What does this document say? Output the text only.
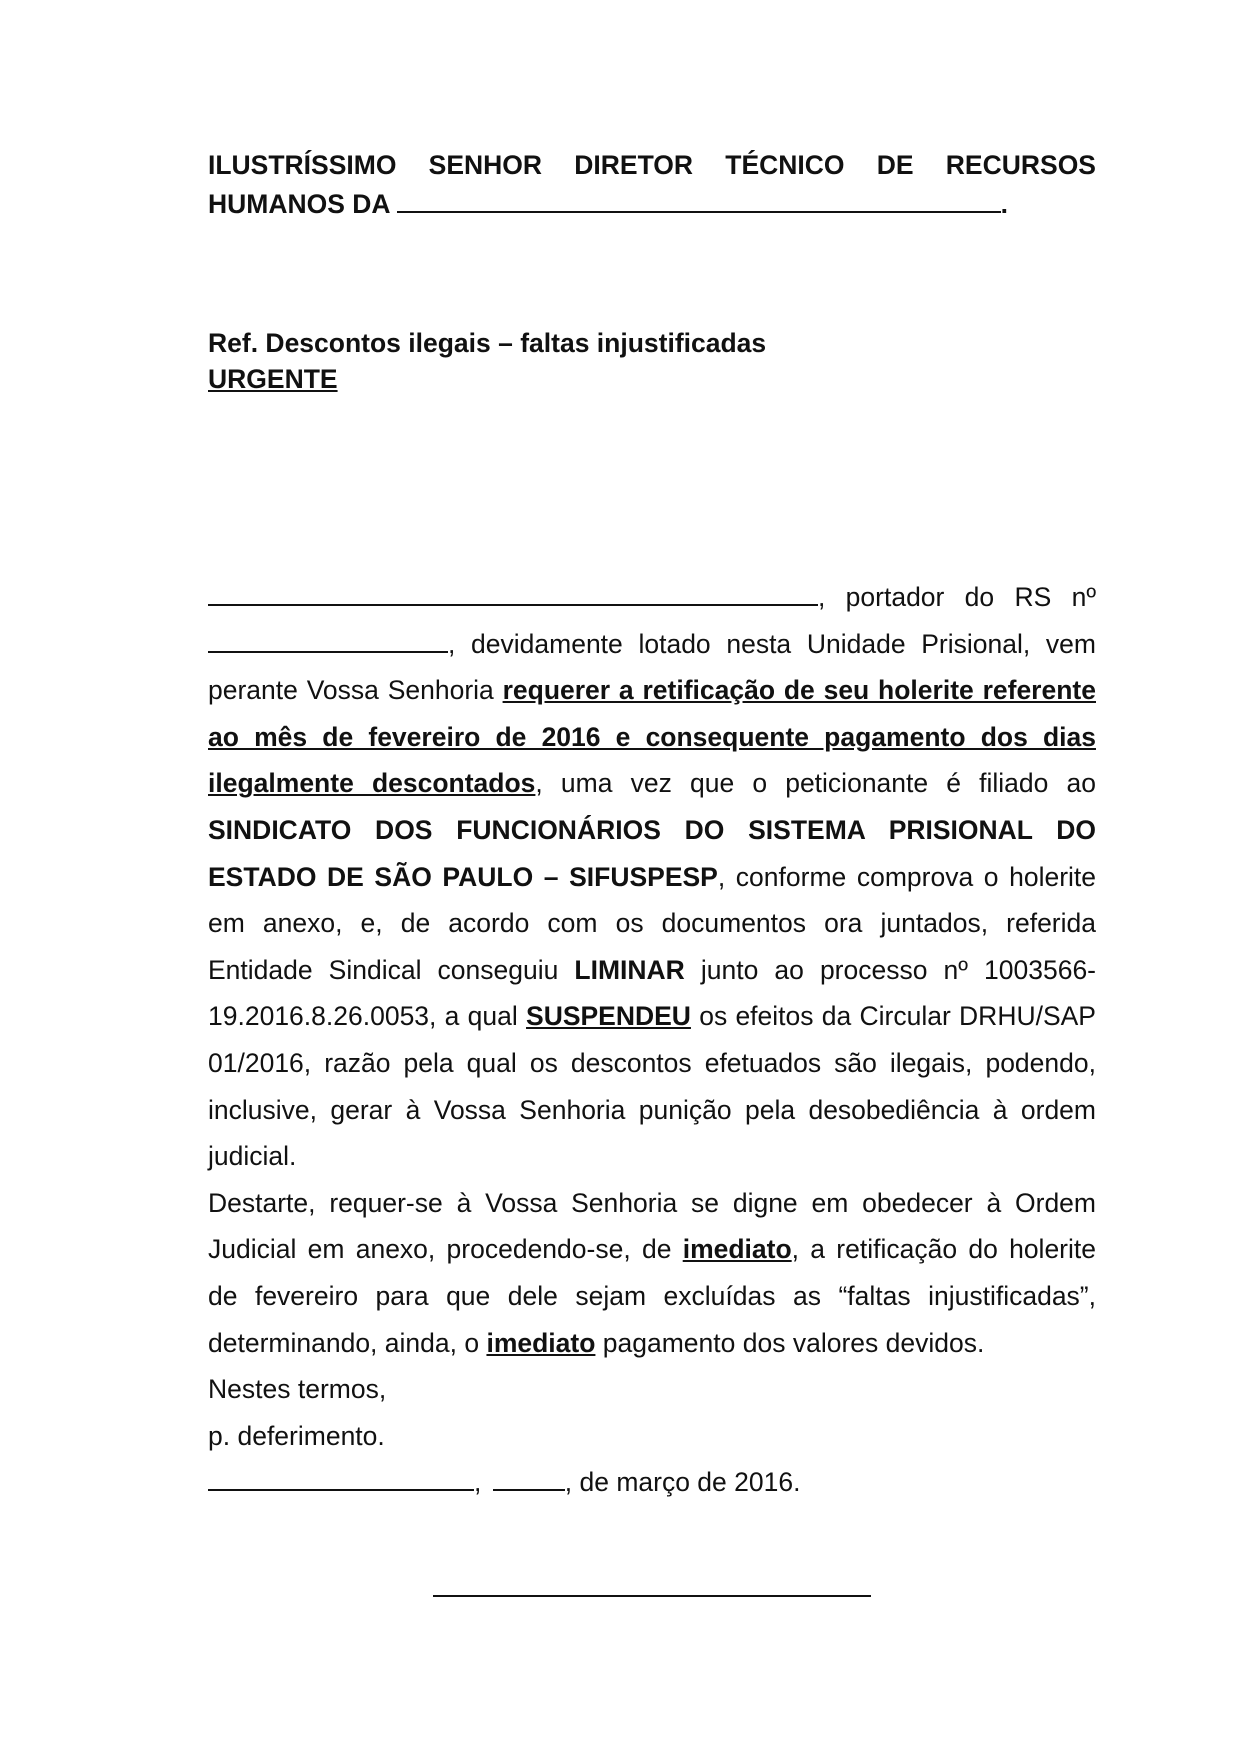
ILUSTRÍSSIMO SENHOR DIRETOR TÉCNICO DE RECURSOS
HUMANOS DA	.
Ref. Descontos ilegais – faltas injustificadas
URGENTE
, portador do RS nº
, devidamente lotado nesta Unidade Prisional, vem

perante Vossa Senhoria requerer a retificação de seu holerite referente ao mês de fevereiro de 2016 e consequente pagamento dos dias ilegalmente descontados, uma vez que o peticionante é filiado ao SINDICATO DOS FUNCIONÁRIOS DO SISTEMA PRISIONAL DO ESTADO DE SÃO PAULO – SIFUSPESP, conforme comprova o holerite em anexo, e, de acordo com os documentos ora juntados, referida Entidade Sindical conseguiu LIMINAR junto ao processo nº 1003566-19.2016.8.26.0053, a qual SUSPENDEU os efeitos da Circular DRHU/SAP 01/2016, razão pela qual os descontos efetuados são ilegais, podendo, inclusive, gerar à Vossa Senhoria punição pela desobediência à ordem judicial.

Destarte, requer-se à Vossa Senhoria se digne em obedecer à Ordem Judicial em anexo, procedendo-se, de imediato, a retificação do holerite de fevereiro para que dele sejam excluídas as “faltas injustificadas”, determinando, ainda, o imediato pagamento dos valores devidos.

Nestes termos,

p. deferimento.

,	, de março de 2016.
